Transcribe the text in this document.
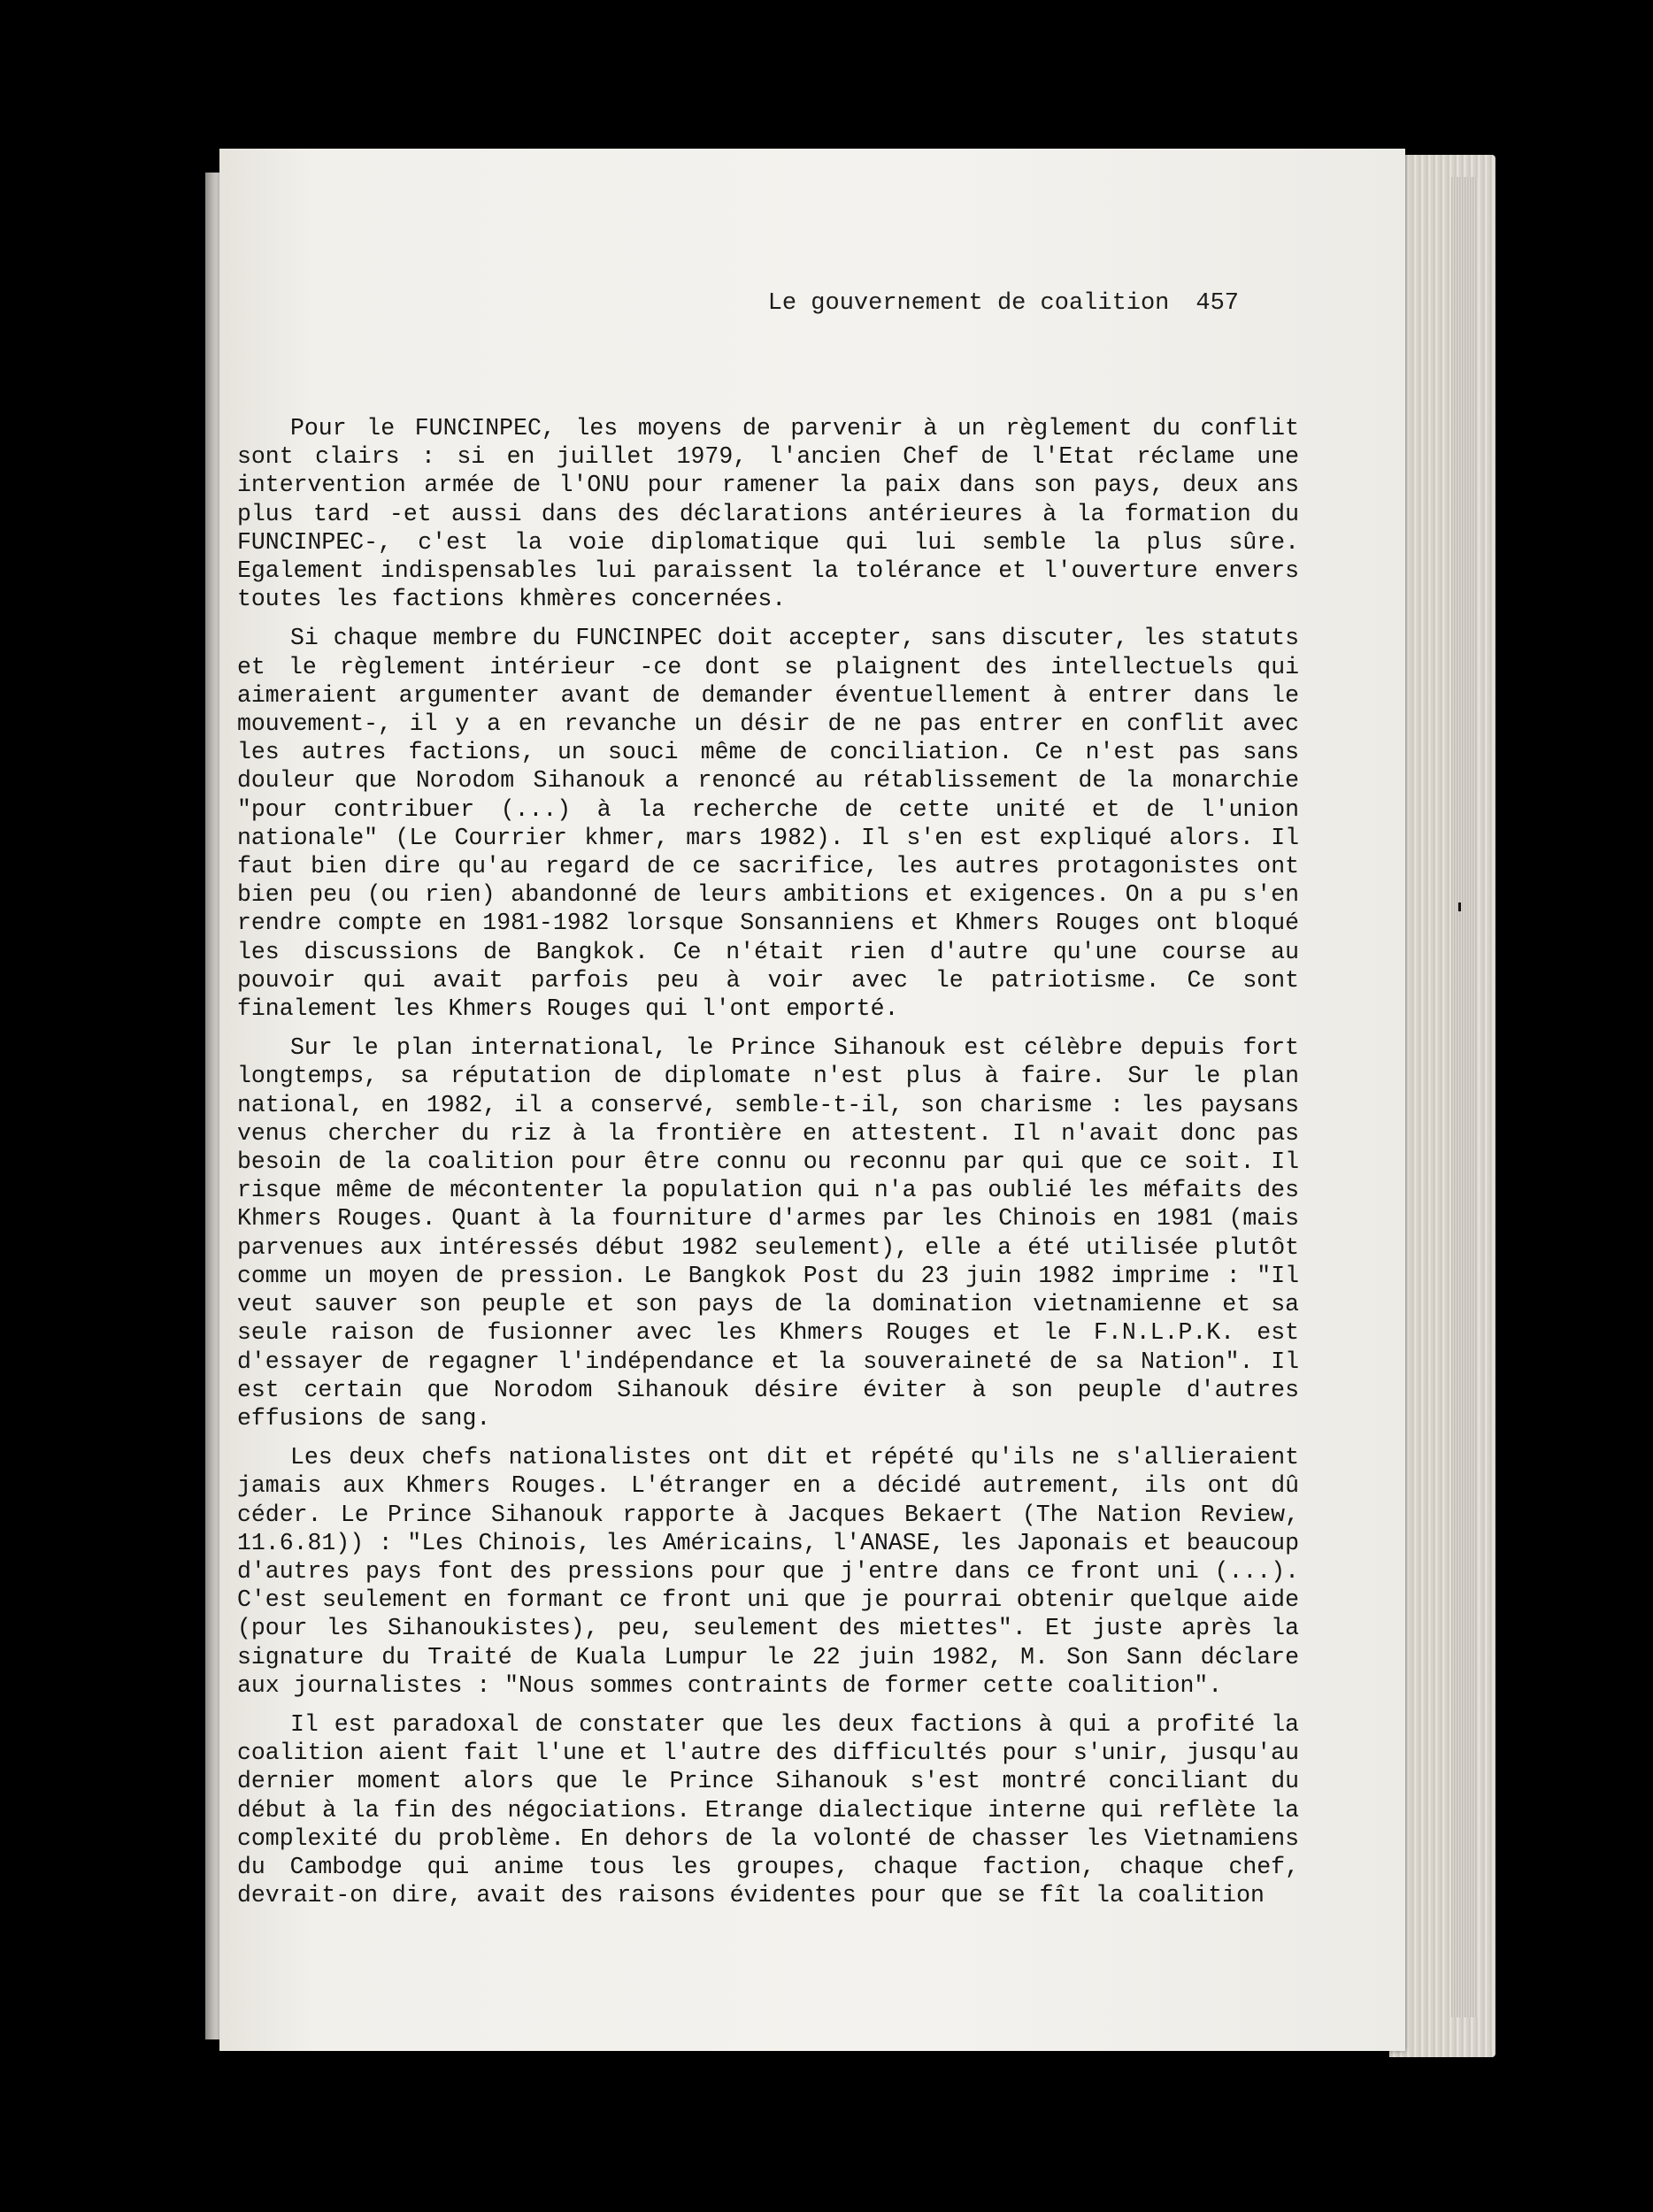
Le gouvernement de coalition 457

Pour le FUNCINPEC, les moyens de parvenir à un règlement du conflit sont clairs : si en juillet 1979, l'ancien Chef de l'Etat réclame une intervention armée de l'ONU pour ramener la paix dans son pays, deux ans plus tard -et aussi dans des déclarations antérieures à la formation du FUNCINPEC-, c'est la voie diplomatique qui lui semble la plus sûre. Egalement indispensables lui paraissent la tolérance et l'ouverture envers toutes les factions khmères concernées.

Si chaque membre du FUNCINPEC doit accepter, sans discuter, les statuts et le règlement intérieur -ce dont se plaignent des intellectuels qui aimeraient argumenter avant de demander éventuellement à entrer dans le mouvement-, il y a en revanche un désir de ne pas entrer en conflit avec les autres factions, un souci même de conciliation. Ce n'est pas sans douleur que Norodom Sihanouk a renoncé au rétablissement de la monarchie "pour contribuer (...) à la recherche de cette unité et de l'union nationale" (Le Courrier khmer, mars 1982). Il s'en est expliqué alors. Il faut bien dire qu'au regard de ce sacrifice, les autres protagonistes ont bien peu (ou rien) abandonné de leurs ambitions et exigences. On a pu s'en rendre compte en 1981-1982 lorsque Sonsanniens et Khmers Rouges ont bloqué les discussions de Bangkok. Ce n'était rien d'autre qu'une course au pouvoir qui avait parfois peu à voir avec le patriotisme. Ce sont finalement les Khmers Rouges qui l'ont emporté.

Sur le plan international, le Prince Sihanouk est célèbre depuis fort longtemps, sa réputation de diplomate n'est plus à faire. Sur le plan national, en 1982, il a conservé, semble-t-il, son charisme : les paysans venus chercher du riz à la frontière en attestent. Il n'avait donc pas besoin de la coalition pour être connu ou reconnu par qui que ce soit. Il risque même de mécontenter la population qui n'a pas oublié les méfaits des Khmers Rouges. Quant à la fourniture d'armes par les Chinois en 1981 (mais parvenues aux intéressés début 1982 seulement), elle a été utilisée plutôt comme un moyen de pression. Le Bangkok Post du 23 juin 1982 imprime : "Il veut sauver son peuple et son pays de la domination vietnamienne et sa seule raison de fusionner avec les Khmers Rouges et le F.N.L.P.K. est d'essayer de regagner l'indépendance et la souveraineté de sa Nation". Il est certain que Norodom Sihanouk désire éviter à son peuple d'autres effusions de sang.

Les deux chefs nationalistes ont dit et répété qu'ils ne s'allieraient jamais aux Khmers Rouges. L'étranger en a décidé autrement, ils ont dû céder. Le Prince Sihanouk rapporte à Jacques Bekaert (The Nation Review, 11.6.81)) : "Les Chinois, les Américains, l'ANASE, les Japonais et beaucoup d'autres pays font des pressions pour que j'entre dans ce front uni (...). C'est seulement en formant ce front uni que je pourrai obtenir quelque aide (pour les Sihanoukistes), peu, seulement des miettes". Et juste après la signature du Traité de Kuala Lumpur le 22 juin 1982, M. Son Sann déclare aux journalistes : "Nous sommes contraints de former cette coalition".

Il est paradoxal de constater que les deux factions à qui a profité la coalition aient fait l'une et l'autre des difficultés pour s'unir, jusqu'au dernier moment alors que le Prince Sihanouk s'est montré conciliant du début à la fin des négociations. Etrange dialectique interne qui reflète la complexité du problème. En dehors de la volonté de chasser les Vietnamiens du Cambodge qui anime tous les groupes, chaque faction, chaque chef, devrait-on dire, avait des raisons évidentes pour que se fît la coalition
